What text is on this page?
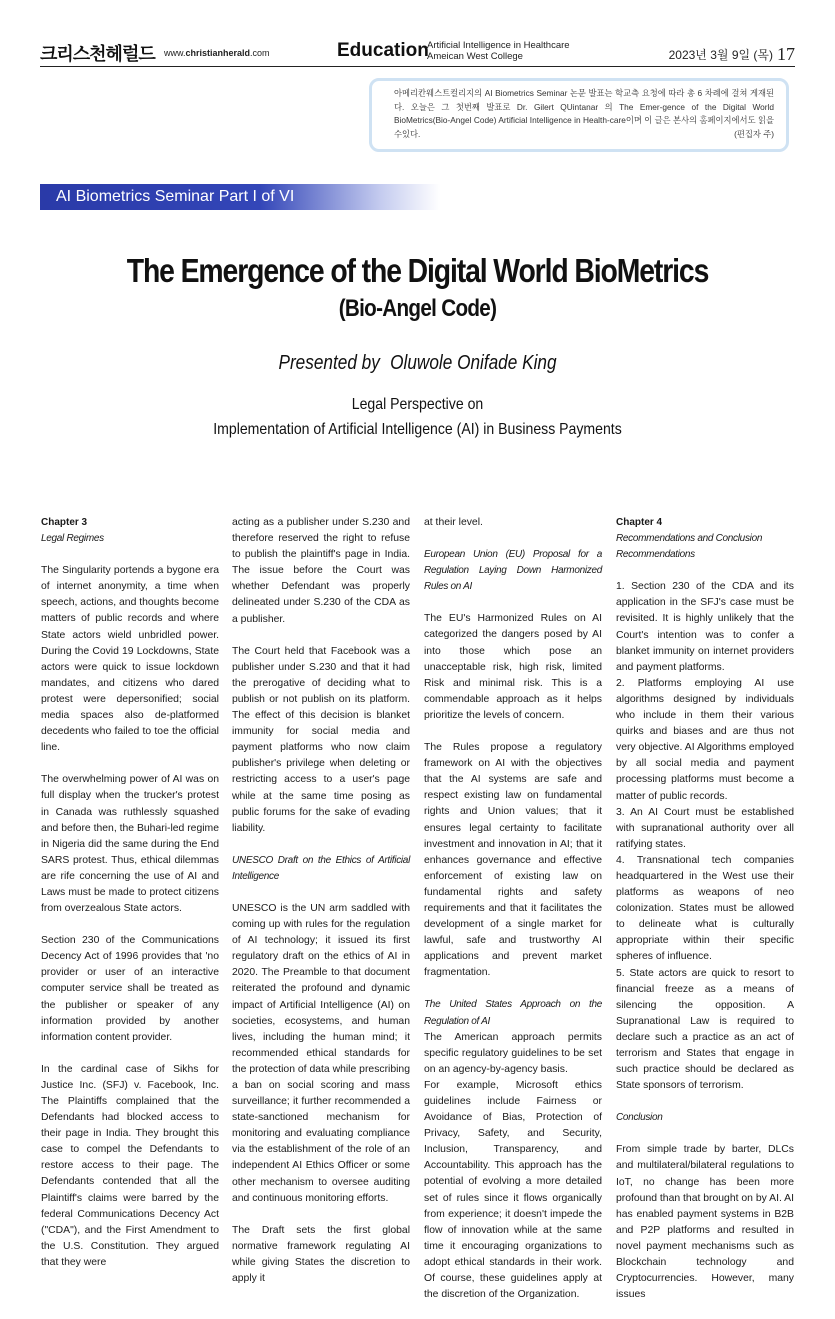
크리스천헤럴드 www.christianherald.com	Education
Artificial Intelligence in Healthcare
Ameican West College	2023년 3월 9일 (목) 17
아메리칸웨스트컬리지의 AI Biometrics Seminar 논문 발표는 학교측 요청에 따라 총 6 차례에 걸쳐 게재된다. 오늘은 그 첫번째 발표로 Dr. Gilert QUintanar 의 The Emer-gence of the Digital World BioMetrics(Bio-Angel Code) Artificial Intelligence in Health-care이며 이 글은 본사의 홈페이지에서도 읽을수있다.	(편집자 주)
AI Biometrics Seminar Part I of VI
The Emergence of the Digital World BioMetrics
(Bio-Angel Code)
Presented by Oluwole Onifade King
Legal Perspective on
Implementation of Artificial Intelligence (AI) in Business Payments
Chapter 3
Legal Regimes

The Singularity portends a bygone era of internet anonymity, a time when speech, actions, and thoughts become matters of public records and where State actors wield unbridled power. During the Covid 19 Lockdowns, State actors were quick to issue lockdown mandates, and citizens who dared protest were depersonified; social media spaces also de-platformed decedents who failed to toe the official line.

The overwhelming power of AI was on full display when the trucker's protest in Canada was ruthlessly squashed and before then, the Buhari-led regime in Nigeria did the same during the End SARS protest. Thus, ethical dilemmas are rife concerning the use of AI and Laws must be made to protect citizens from overzealous State actors.

Section 230 of the Communications Decency Act of 1996 provides that 'no provider or user of an interactive computer service shall be treated as the publisher or speaker of any information provided by another information content provider.

In the cardinal case of Sikhs for Justice Inc. (SFJ) v. Facebook, Inc. The Plaintiffs complained that the Defendants had blocked access to their page in India. They brought this case to compel the Defendants to restore access to their page. The Defendants contended that all the Plaintiff's claims were barred by the federal Communications Decency Act ("CDA"), and the First Amendment to the U.S. Constitution. They argued that they were

acting as a publisher under S.230 and therefore reserved the right to refuse to publish the plaintiff's page in India. The issue before the Court was whether Defendant was properly delineated under S.230 of the CDA as a publisher.

The Court held that Facebook was a publisher under S.230 and that it had the prerogative of deciding what to publish or not publish on its platform. The effect of this decision is blanket immunity for social media and payment platforms who now claim publisher's privilege when deleting or restricting access to a user's page while at the same time posing as public forums for the sake of evading liability.

UNESCO Draft on the Ethics of Artificial Intelligence

UNESCO is the UN arm saddled with coming up with rules for the regulation of AI technology; it issued its first regulatory draft on the ethics of AI in 2020. The Preamble to that document reiterated the profound and dynamic impact of Artificial Intelligence (AI) on societies, ecosystems, and human lives, including the human mind; it recommended ethical standards for the protection of data while prescribing a ban on social scoring and mass surveillance; it further recommended a state-sanctioned mechanism for monitoring and evaluating compliance via the establishment of the role of an independent AI Ethics Officer or some other mechanism to oversee auditing and continuous monitoring efforts.

The Draft sets the first global normative framework regulating AI while giving States the discretion to apply it

at their level.

European Union (EU) Proposal for a Regulation Laying Down Harmonized Rules on AI

The EU's Harmonized Rules on AI categorized the dangers posed by AI into those which pose an unacceptable risk, high risk, limited Risk and minimal risk. This is a commendable approach as it helps prioritize the levels of concern.

The Rules propose a regulatory framework on AI with the objectives that the AI systems are safe and respect existing law on fundamental rights and Union values; that it ensures legal certainty to facilitate investment and innovation in AI; that it enhances governance and effective enforcement of existing law on fundamental rights and safety requirements and that it facilitates the development of a single market for lawful, safe and trustworthy AI applications and prevent market fragmentation.

The United States Approach on the Regulation of AI

The American approach permits specific regulatory guidelines to be set on an agency-by-agency basis.

For example, Microsoft ethics guidelines include Fairness or Avoidance of Bias, Protection of Privacy, Safety, and Security, Inclusion, Transparency, and Accountability. This approach has the potential of evolving a more detailed set of rules since it flows organically from experience; it doesn't impede the flow of innovation while at the same time it encouraging organizations to adopt ethical standards in their work. Of course, these guidelines apply at the discretion of the Organization.

Chapter 4
Recommendations and Conclusion
Recommendations

1. Section 230 of the CDA and its application in the SFJ's case must be revisited. It is highly unlikely that the Court's intention was to confer a blanket immunity on internet providers and payment platforms.

2. Platforms employing AI use algorithms designed by individuals who include in them their various quirks and biases and are thus not very objective. AI Algorithms employed by all social media and payment processing platforms must become a matter of public records.

3. An AI Court must be established with supranational authority over all ratifying states.

4. Transnational tech companies headquartered in the West use their platforms as weapons of neo colonization. States must be allowed to delineate what is culturally appropriate within their specific spheres of influence.

5. State actors are quick to resort to financial freeze as a means of silencing the opposition. A Supranational Law is required to declare such a practice as an act of terrorism and States that engage in such practice should be declared as State sponsors of terrorism.

Conclusion

From simple trade by barter, DLCs and multilateral/bilateral regulations to IoT, no change has been more profound than that brought on by AI. AI has enabled payment systems in B2B and P2P platforms and resulted in novel payment mechanisms such as Blockchain technology and Cryptocurrencies. However, many issues
